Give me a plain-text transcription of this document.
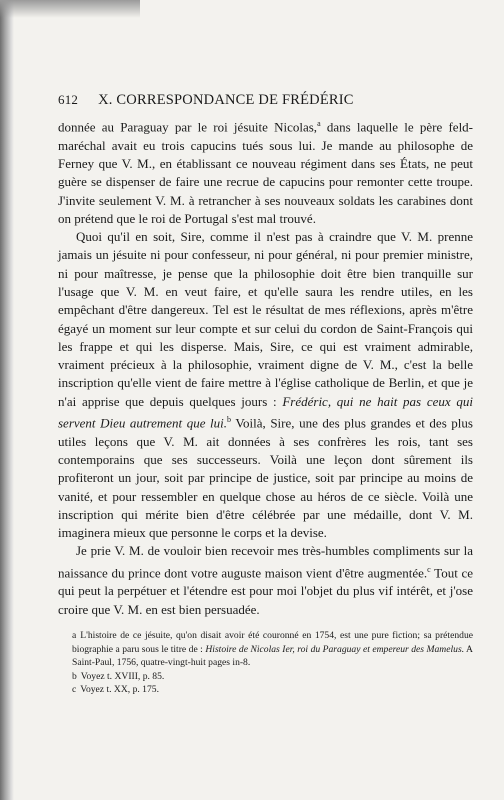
612 X. CORRESPONDANCE DE FRÉDÉRIC

donnée au Paraguay par le roi jésuite Nicolas,$^a$ dans laquelle le père feld-maréchal avait eu trois capucins tués sous lui. Je mande au philosophe de Ferney que V. M., en établissant ce nouveau régiment dans ses États, ne peut guère se dispenser de faire une recrue de capucins pour remonter cette troupe. J'invite seulement V. M. à retrancher à ses nouveaux soldats les carabines dont on prétend que le roi de Portugal s'est mal trouvé.

Quoi qu'il en soit, Sire, comme il n'est pas à craindre que V. M. prenne jamais un jésuite ni pour confesseur, ni pour général, ni pour premier ministre, ni pour maîtresse, je pense que la philosophie doit être bien tranquille sur l'usage que V. M. en veut faire, et qu'elle saura les rendre utiles, en les empêchant d'être dangereux. Tel est le résultat de mes réflexions, après m'être égayé un moment sur leur compte et sur celui du cordon de Saint-François qui les frappe et qui les disperse. Mais, Sire, ce qui est vraiment admirable, vraiment précieux à la philosophie, vraiment digne de V. M., c'est la belle inscription qu'elle vient de faire mettre à l'église catholique de Berlin, et que je n'ai apprise que depuis quelques jours : Frédéric, qui ne hait pas ceux qui servent Dieu autrement que lui.$^b$ Voilà, Sire, une des plus grandes et des plus utiles leçons que V. M. ait données à ses confrères les rois, tant ses contemporains que ses successeurs. Voilà une leçon dont sûrement ils profiteront un jour, soit par principe de justice, soit par principe au moins de vanité, et pour ressembler en quelque chose au héros de ce siècle. Voilà une inscription qui mérite bien d'être célébrée par une médaille, dont V. M. imaginera mieux que personne le corps et la devise.

Je prie V. M. de vouloir bien recevoir mes très-humbles compliments sur la naissance du prince dont votre auguste maison vient d'être augmentée.$^c$ Tout ce qui peut la perpétuer et l'étendre est pour moi l'objet du plus vif intérêt, et j'ose croire que V. M. en est bien persuadée.

a L'histoire de ce jésuite, qu'on disait avoir été couronné en 1754, est une pure fiction; sa prétendue biographie a paru sous le titre de : Histoire de Nicolas Ier, roi du Paraguay et empereur des Mamelus. A Saint-Paul, 1756, quatre-vingt-huit pages in-8.

b Voyez t. XVIII, p. 85.

c Voyez t. XX, p. 175.
